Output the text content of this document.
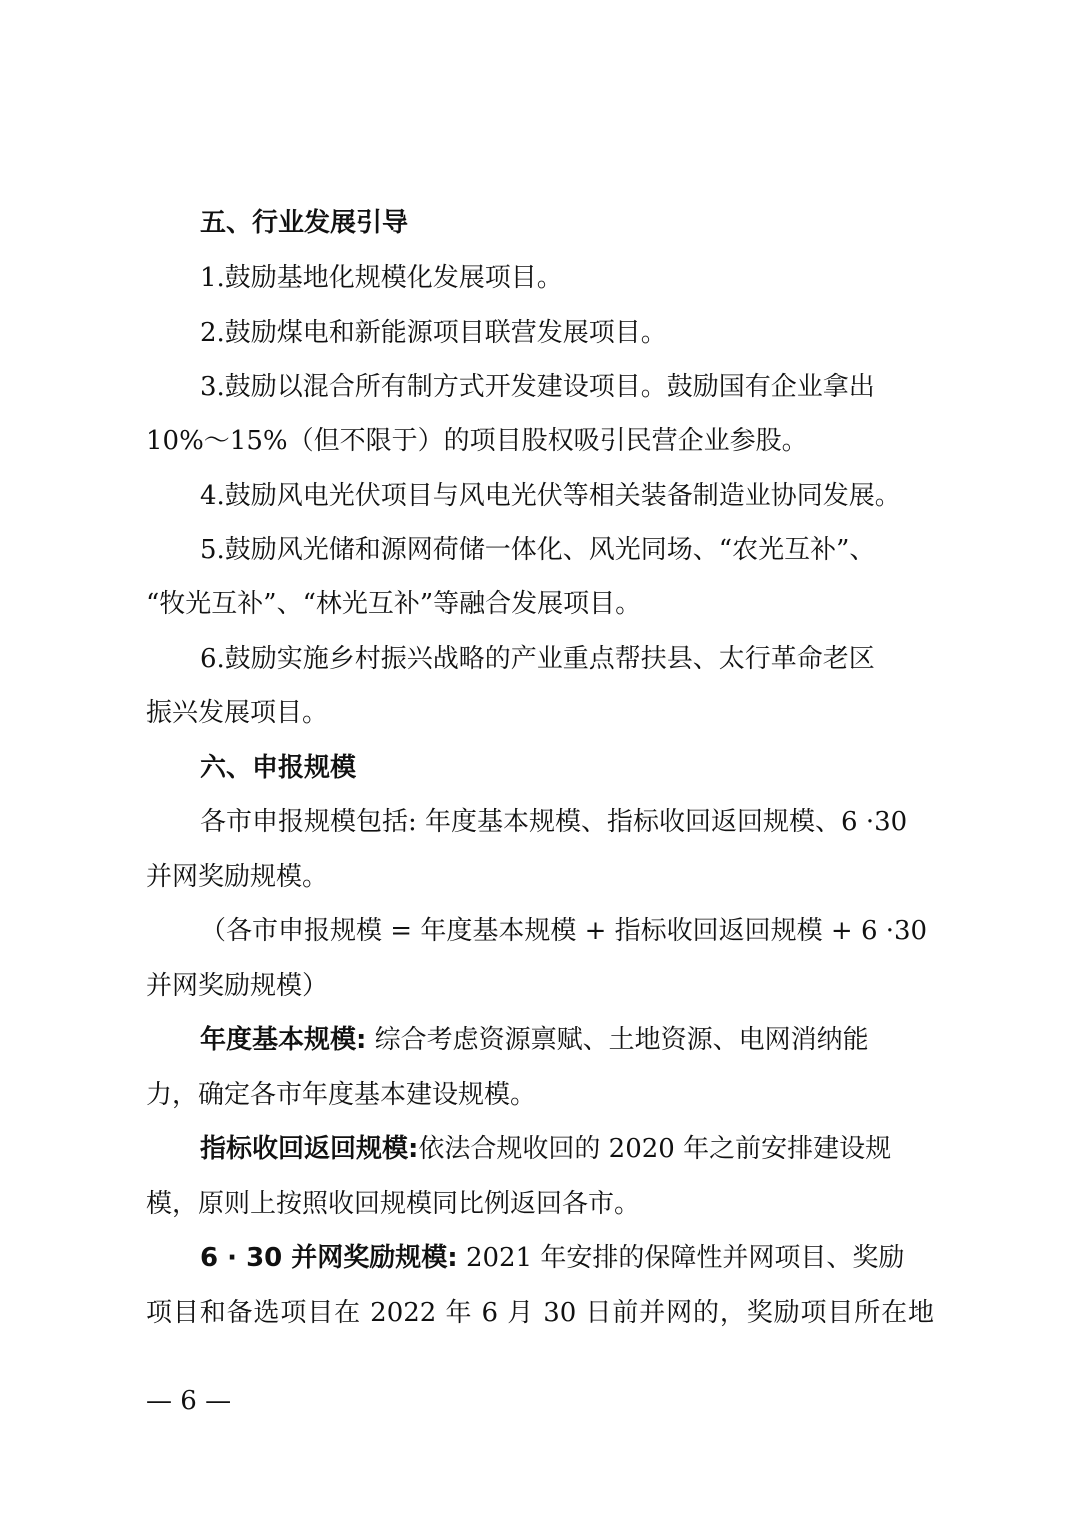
五、行业发展引导

1.鼓励基地化规模化发展项目。

2.鼓励煤电和新能源项目联营发展项目。

3.鼓励以混合所有制方式开发建设项目。鼓励国有企业拿出

10%～15%（但不限于）的项目股权吸引民营企业参股。

4.鼓励风电光伏项目与风电光伏等相关装备制造业协同发展。

5.鼓励风光储和源网荷储一体化、风光同场、“农光互补”、

“牧光互补”、“林光互补”等融合发展项目。

6.鼓励实施乡村振兴战略的产业重点帮扶县、太行革命老区

振兴发展项目。

六、申报规模

各市申报规模包括: 年度基本规模、指标收回返回规模、6 ·30

并网奖励规模。

（各市申报规模 = 年度基本规模 + 指标收回返回规模 + 6 ·30

并网奖励规模）

年度基本规模: 综合考虑资源禀赋、土地资源、电网消纳能

力，确定各市年度基本建设规模。

指标收回返回规模:依法合规收回的 2020 年之前安排建设规

模，原则上按照收回规模同比例返回各市。

6 · 30 并网奖励规模: 2021 年安排的保障性并网项目、奖励

项目和备选项目在 2022 年 6 月 30 日前并网的，奖励项目所在地

— 6 —
